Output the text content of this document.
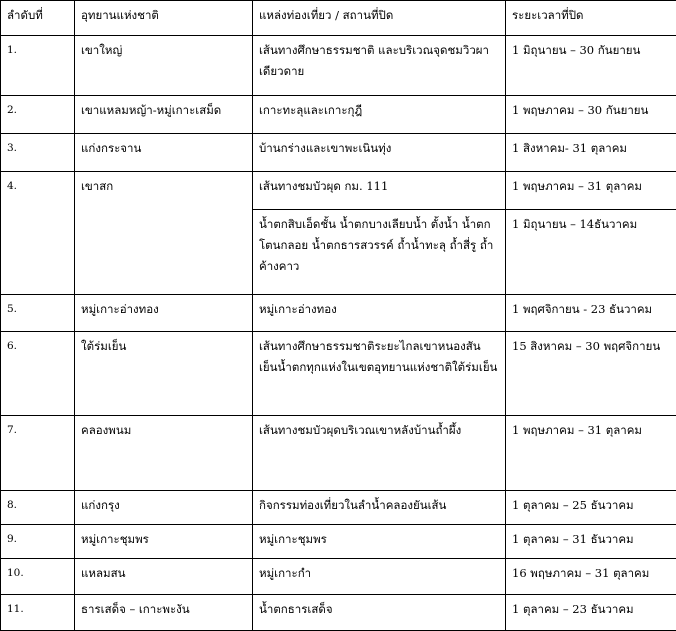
ลำดับที่	อุทยานแห่งชาติ	แหล่งท่องเที่ยว / สถานที่ปิด	ระยะเวลาที่ปิด
1.	เขาใหญ่	เส้นทางศึกษาธรรมชาติ และบริเวณจุดชมวิวผาเดียวดาย	1 มิถุนายน – 30 กันยายน
2.	เขาแหลมหญ้า-หมู่เกาะเสม็ด	เกาะทะลุและเกาะกุฎี	1 พฤษภาคม – 30 กันยายน
3.	แก่งกระจาน	บ้านกร่างและเขาพะเนินทุ่ง	1 สิงหาคม- 31 ตุลาคม
4.	เขาสก	เส้นทางชมบัวผุด กม. 111	1 พฤษภาคม – 31 ตุลาคม
		น้ำตกสิบเอ็ดชั้น น้ำตกบางเลียบน้ำ ตั้งน้ำ น้ำตกโตนกลอย น้ำตกธารสวรรค์ ถ้ำน้ำทะลุ ถ้ำสี่รู ถ้ำค้างคาว	1 มิถุนายน – 14ธันวาคม
5.	หมู่เกาะอ่างทอง	หมู่เกาะอ่างทอง	1 พฤศจิกายน - 23 ธันวาคม
6.	ใต้ร่มเย็น	เส้นทางศึกษาธรรมชาติระยะไกลเขาหนองสันเย็นน้ำตกทุกแห่งในเขตอุทยานแห่งชาติใต้ร่มเย็น	15 สิงหาคม – 30 พฤศจิกายน
7.	คลองพนม	เส้นทางชมบัวผุดบริเวณเขาหลังบ้านถ้ำผึ้ง	1 พฤษภาคม – 31 ตุลาคม
8.	แก่งกรุง	กิจกรรมท่องเที่ยวในลำน้ำคลองยันเส้น	1 ตุลาคม – 25 ธันวาคม
9.	หมู่เกาะชุมพร	หมู่เกาะชุมพร	1 ตุลาคม – 31 ธันวาคม
10.	แหลมสน	หมู่เกาะกำ	16 พฤษภาคม – 31 ตุลาคม
11.	ธารเสด็จ – เกาะพะงัน	น้ำตกธารเสด็จ	1 ตุลาคม – 23 ธันวาคม
